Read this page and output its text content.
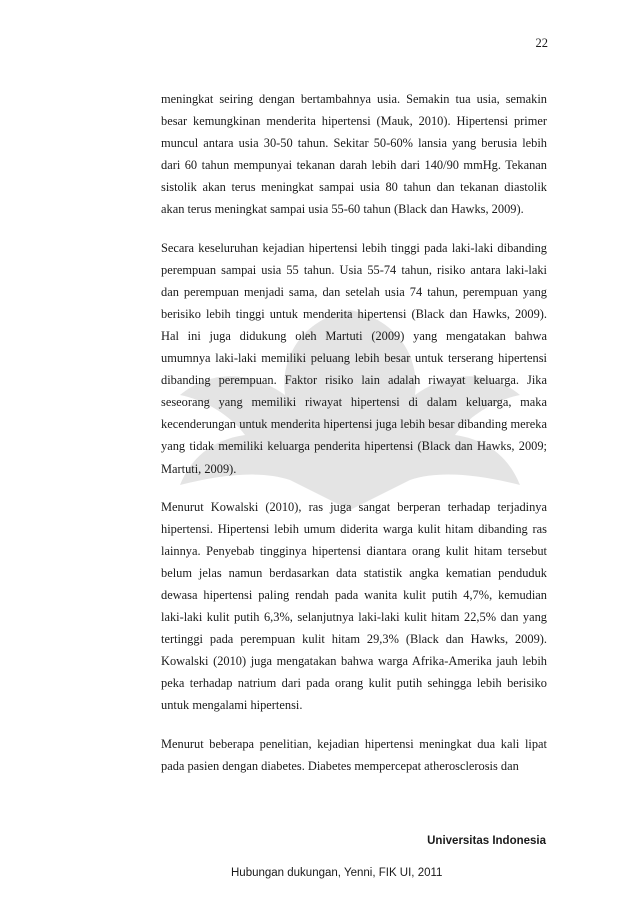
22

meningkat seiring dengan bertambahnya usia. Semakin tua usia, semakin besar kemungkinan menderita hipertensi (Mauk, 2010). Hipertensi primer muncul antara usia 30-50 tahun. Sekitar 50-60% lansia yang berusia lebih dari 60 tahun mempunyai tekanan darah lebih dari 140/90 mmHg. Tekanan sistolik akan terus meningkat sampai usia 80 tahun dan tekanan diastolik akan terus meningkat sampai usia 55-60 tahun (Black dan Hawks, 2009).

Secara keseluruhan kejadian hipertensi lebih tinggi pada laki-laki dibanding perempuan sampai usia 55 tahun. Usia 55-74 tahun, risiko antara laki-laki dan perempuan menjadi sama, dan setelah usia 74 tahun, perempuan yang berisiko lebih tinggi untuk menderita hipertensi (Black dan Hawks, 2009). Hal ini juga didukung oleh Martuti (2009) yang mengatakan bahwa umumnya laki-laki memiliki peluang lebih besar untuk terserang hipertensi dibanding perempuan. Faktor risiko lain adalah riwayat keluarga. Jika seseorang yang memiliki riwayat hipertensi di dalam keluarga, maka kecenderungan untuk menderita hipertensi juga lebih besar dibanding mereka yang tidak memiliki keluarga penderita hipertensi (Black dan Hawks, 2009; Martuti, 2009).

Menurut Kowalski (2010), ras juga sangat berperan terhadap terjadinya hipertensi. Hipertensi lebih umum diderita warga kulit hitam dibanding ras lainnya. Penyebab tingginya hipertensi diantara orang kulit hitam tersebut belum jelas namun berdasarkan data statistik angka kematian penduduk dewasa hipertensi paling rendah pada wanita kulit putih 4,7%, kemudian laki-laki kulit putih 6,3%, selanjutnya laki-laki kulit hitam 22,5% dan yang tertinggi pada perempuan kulit hitam 29,3% (Black dan Hawks, 2009). Kowalski (2010) juga mengatakan bahwa warga Afrika-Amerika jauh lebih peka terhadap natrium dari pada orang kulit putih sehingga lebih berisiko untuk mengalami hipertensi.

Menurut beberapa penelitian, kejadian hipertensi meningkat dua kali lipat pada pasien dengan diabetes. Diabetes mempercepat atherosclerosis dan

Universitas Indonesia
Hubungan dukungan, Yenni, FIK UI, 2011
